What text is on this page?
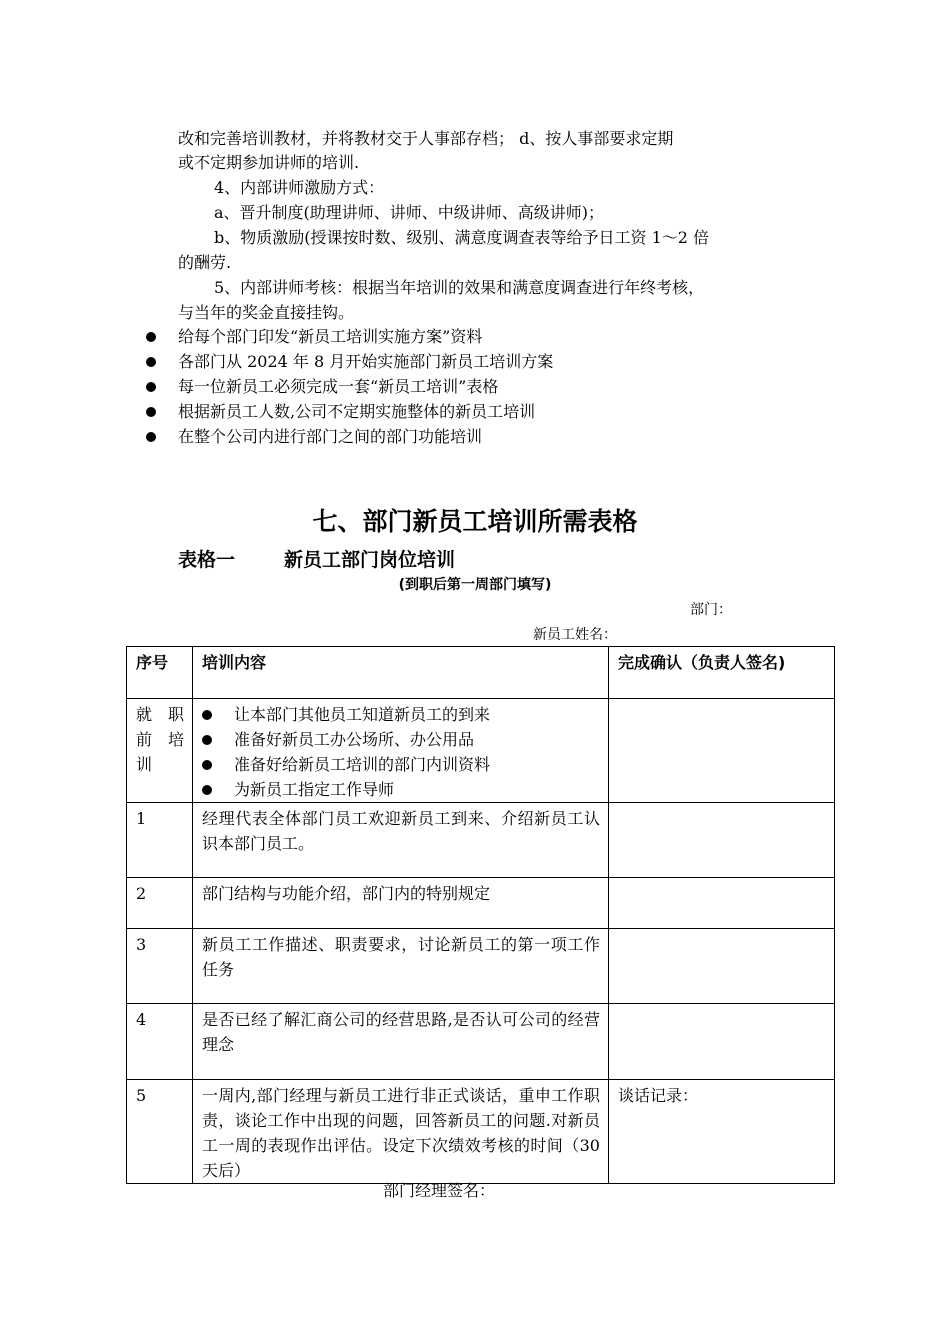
改和完善培训教材，并将教材交于人事部存档； d、按人事部要求定期
或不定期参加讲师的培训.
4、内部讲师激励方式：
a、晋升制度(助理讲师、讲师、中级讲师、高级讲师)；
b、物质激励(授课按时数、级别、满意度调查表等给予日工资 1～2 倍
的酬劳.
5、内部讲师考核：根据当年培训的效果和满意度调查进行年终考核，
与当年的奖金直接挂钩。
给每个部门印发“新员工培训实施方案”资料
各部门从 2024 年 8 月开始实施部门新员工培训方案
每一位新员工必须完成一套“新员工培训”表格
根据新员工人数,公司不定期实施整体的新员工培训
在整个公司内进行部门之间的部门功能培训
七、部门新员工培训所需表格
表格一	新员工部门岗位培训
(到职后第一周部门填写)
部门：
新员工姓名：
序号	培训内容	完成确认（负责人签名)
就 职 前 培 训	让本部门其他员工知道新员工的到来
准备好新员工办公场所、办公用品
准备好给新员工培训的部门内训资料
为新员工指定工作导师	

1	经理代表全体部门员工欢迎新员工到来、介绍新员工认识本部门员工。	
2	部门结构与功能介绍，部门内的特别规定	
3	新员工工作描述、职责要求，讨论新员工的第一项工作任务	
4	是否已经了解汇商公司的经营思路,是否认可公司的经营理念	
5	一周内,部门经理与新员工进行非正式谈话，重申工作职责，谈论工作中出现的问题，回答新员工的问题.对新员工一周的表现作出评估。设定下次绩效考核的时间（30 天后）	谈话记录：
部门经理签名：
